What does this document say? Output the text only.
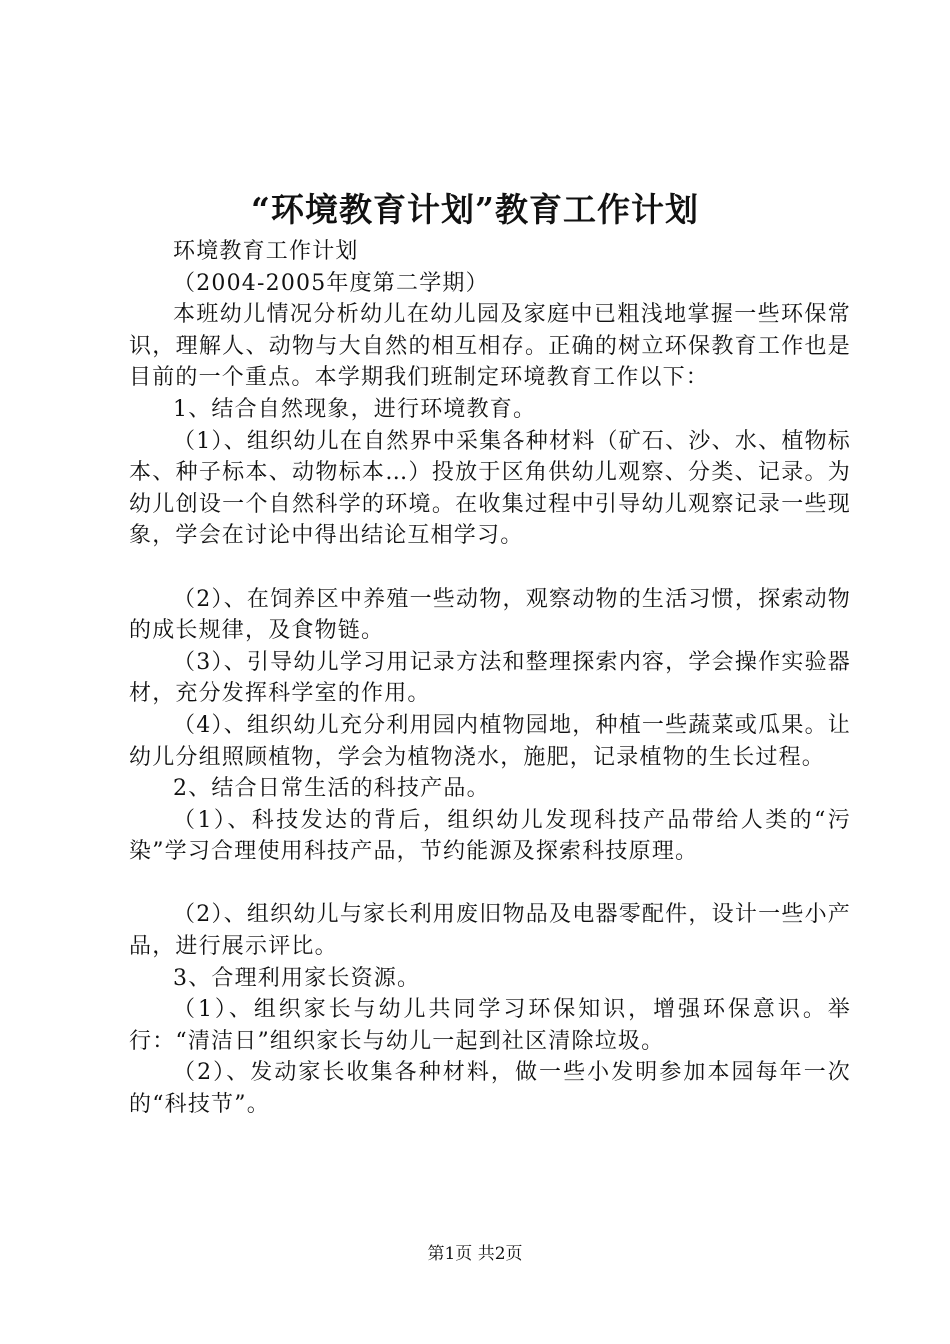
“环境教育计划”教育工作计划

环境教育工作计划

（2004-2005年度第二学期）

本班幼儿情况分析幼儿在幼儿园及家庭中已粗浅地掌握一些环保常识，理解人、动物与大自然的相互相存。正确的树立环保教育工作也是目前的一个重点。本学期我们班制定环境教育工作以下：

1、结合自然现象，进行环境教育。

（1）、组织幼儿在自然界中采集各种材料（矿石、沙、水、植物标本、种子标本、动物标本…）投放于区角供幼儿观察、分类、记录。为幼儿创设一个自然科学的环境。在收集过程中引导幼儿观察记录一些现象，学会在讨论中得出结论互相学习。

（2）、在饲养区中养殖一些动物，观察动物的生活习惯，探索动物的成长规律，及食物链。

（3）、引导幼儿学习用记录方法和整理探索内容，学会操作实验器材，充分发挥科学室的作用。

（4）、组织幼儿充分利用园内植物园地，种植一些蔬菜或瓜果。让幼儿分组照顾植物，学会为植物浇水，施肥，记录植物的生长过程。

2、结合日常生活的科技产品。

（1）、科技发达的背后，组织幼儿发现科技产品带给人类的“污染”学习合理使用科技产品，节约能源及探索科技原理。

（2）、组织幼儿与家长利用废旧物品及电器零配件，设计一些小产品，进行展示评比。

3、合理利用家长资源。

（1）、组织家长与幼儿共同学习环保知识，增强环保意识。举行：“清洁日”组织家长与幼儿一起到社区清除垃圾。

（2）、发动家长收集各种材料，做一些小发明参加本园每年一次的“科技节”。

第1页 共2页
